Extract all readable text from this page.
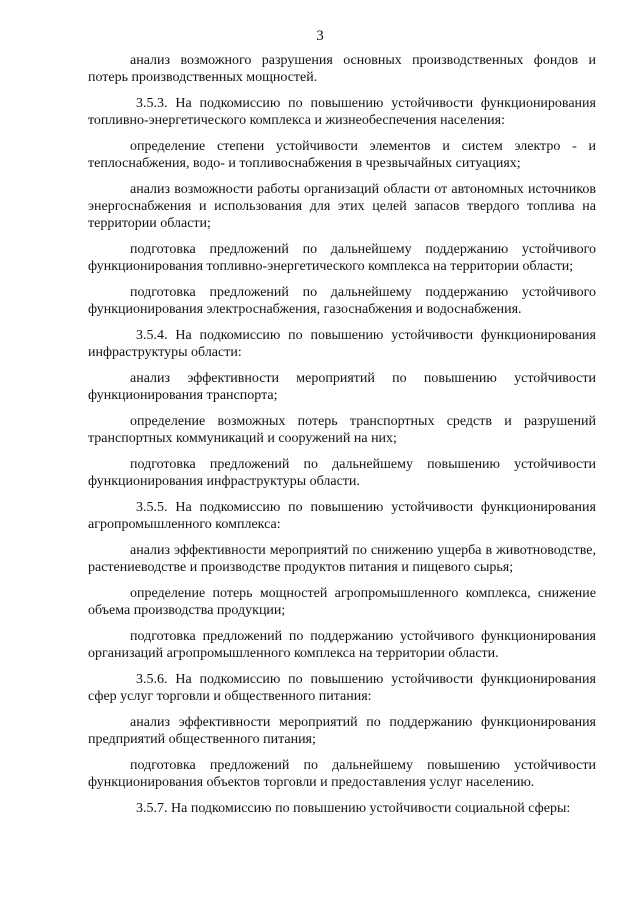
3

анализ возможного разрушения основных производственных фондов и потерь производственных мощностей.

3.5.3. На подкомиссию по повышению устойчивости функционирования топливно-энергетического комплекса и жизнеобеспечения населения:

определение степени устойчивости элементов и систем электро - и теплоснабжения, водо- и топливоснабжения в чрезвычайных ситуациях;

анализ возможности работы организаций области от автономных источников энергоснабжения и использования для этих целей запасов твердого топлива на территории области;

подготовка предложений по дальнейшему поддержанию устойчивого функционирования топливно-энергетического комплекса на территории области;

подготовка предложений по дальнейшему поддержанию устойчивого функционирования электроснабжения, газоснабжения и водоснабжения.

3.5.4. На подкомиссию по повышению устойчивости функционирования инфраструктуры области:

анализ эффективности мероприятий по повышению устойчивости функционирования транспорта;

определение возможных потерь транспортных средств и разрушений транспортных коммуникаций и сооружений на них;

подготовка предложений по дальнейшему повышению устойчивости функционирования инфраструктуры области.

3.5.5. На подкомиссию по повышению устойчивости функционирования агропромышленного комплекса:

анализ эффективности мероприятий по снижению ущерба в животноводстве, растениеводстве и производстве продуктов питания и пищевого сырья;

определение потерь мощностей агропромышленного комплекса, снижение объема производства продукции;

подготовка предложений по поддержанию устойчивого функционирования организаций агропромышленного комплекса на территории области.

3.5.6. На подкомиссию по повышению устойчивости функционирования сфер услуг торговли и общественного питания:

анализ эффективности мероприятий по поддержанию функционирования предприятий общественного питания;

подготовка предложений по дальнейшему повышению устойчивости функционирования объектов торговли и предоставления услуг населению.

3.5.7. На подкомиссию по повышению устойчивости социальной сферы:
